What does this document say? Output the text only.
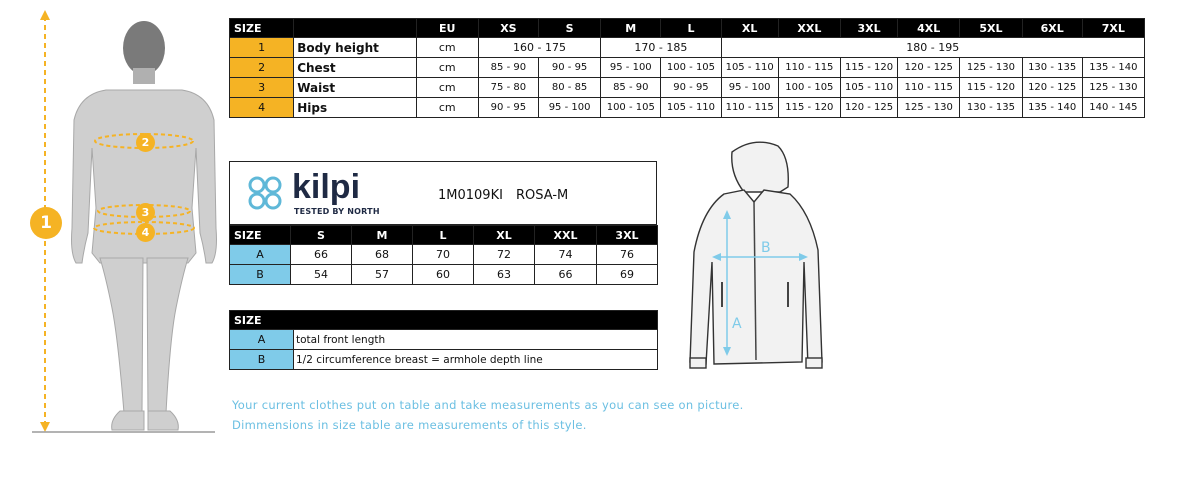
1
2
3
4
SIZE		EU	XS	S	M	L	XL	XXL	3XL	4XL	5XL	6XL	7XL
1	Body height	cm	160 - 175		170 - 185		180 - 195						
2	Chest	cm	85 - 90	90 - 95	95 - 100	100 - 105	105 - 110	110 - 115	115 - 120	120 - 125	125 - 130	130 - 135	135 - 140
3	Waist	cm	75 - 80	80 - 85	85 - 90	90 - 95	95 - 100	100 - 105	105 - 110	110 - 115	115 - 120	120 - 125	125 - 130
4	Hips	cm	90 - 95	95 - 100	100 - 105	105 - 110	110 - 115	115 - 120	120 - 125	125 - 130	130 - 135	135 - 140	140 - 145
kilpi
TESTED BY NORTH
1M0109KI ROSA-M
SIZE	S	M	L	XL	XXL	3XL
A	66	68	70	72	74	76
B	54	57	60	63	66	69
SIZE	
A	total front length
B	1/2 circumference breast = armhole depth line
A
B
Your current clothes put on table and take measurements as you can see on picture.
Dimmensions in size table are measurements of this style.
